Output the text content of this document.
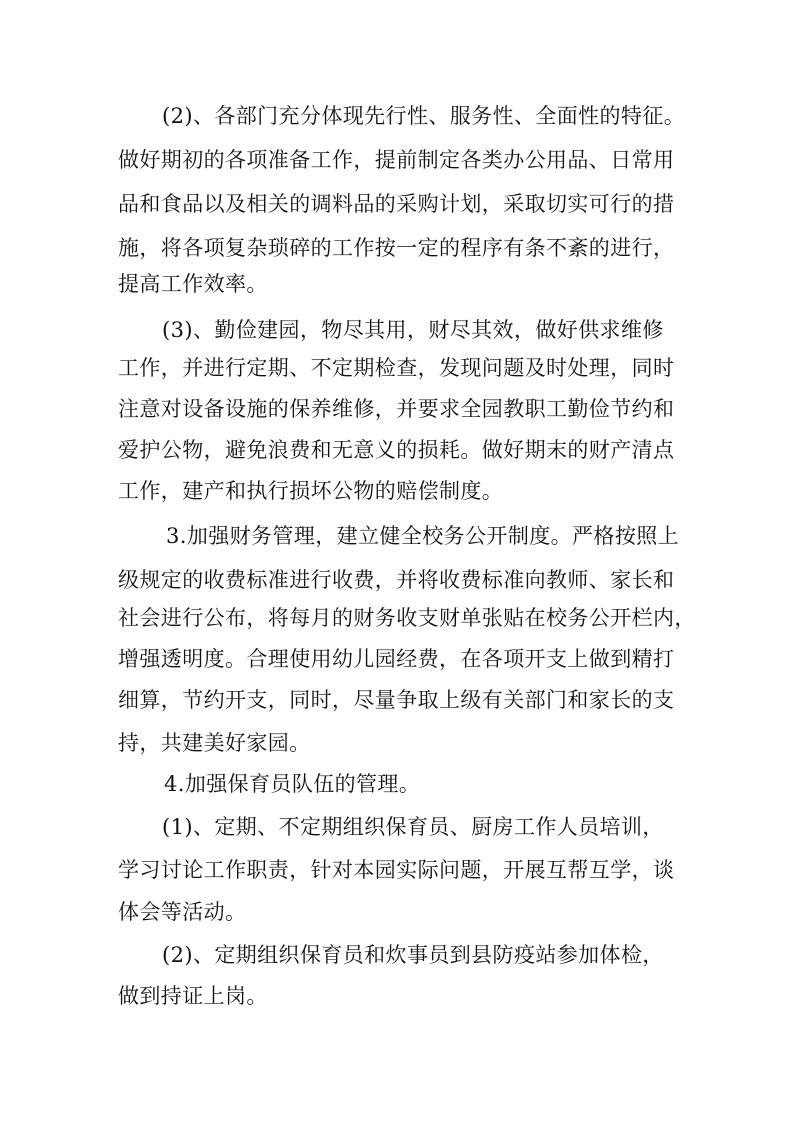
(2)、各部门充分体现先行性、服务性、全面性的特征。
做好期初的各项准备工作，提前制定各类办公用品、日常用
品和食品以及相关的调料品的采购计划，采取切实可行的措
施，将各项复杂琐碎的工作按一定的程序有条不紊的进行，
提高工作效率。
(3)、勤俭建园，物尽其用，财尽其效，做好供求维修
工作，并进行定期、不定期检查，发现问题及时处理，同时
注意对设备设施的保养维修，并要求全园教职工勤俭节约和
爱护公物，避免浪费和无意义的损耗。做好期末的财产清点
工作，建产和执行损坏公物的赔偿制度。
3.加强财务管理，建立健全校务公开制度。严格按照上
级规定的收费标准进行收费，并将收费标准向教师、家长和
社会进行公布，将每月的财务收支财单张贴在校务公开栏内，
增强透明度。合理使用幼儿园经费，在各项开支上做到精打
细算，节约开支，同时，尽量争取上级有关部门和家长的支
持，共建美好家园。
4.加强保育员队伍的管理。
(1)、定期、不定期组织保育员、厨房工作人员培训，
学习讨论工作职责，针对本园实际问题，开展互帮互学，谈
体会等活动。
(2)、定期组织保育员和炊事员到县防疫站参加体检，
做到持证上岗。
